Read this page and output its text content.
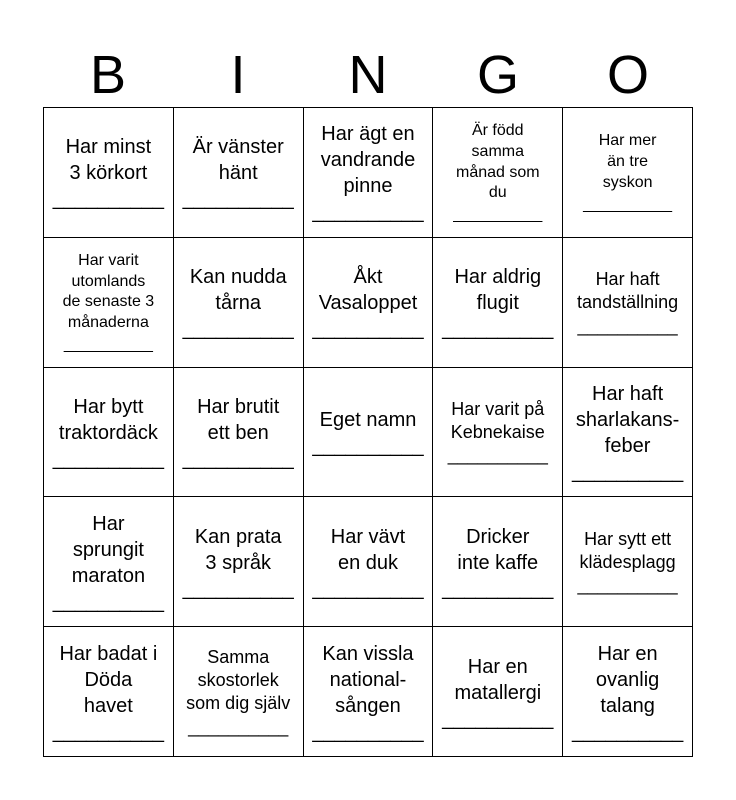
B	I	N	G	O
Har minst
3 körkort
__________
Är vänster
hänt
__________
Har ägt en
vandrande
pinne
__________
Är född
samma
månad som
du
__________
Har mer
än tre
syskon
__________
Har varit
utomlands
de senaste 3
månaderna
__________
Kan nudda
tårna
__________
Åkt
Vasaloppet
__________
Har aldrig
flugit
__________
Har haft
tandställning
__________
Har bytt
traktordäck
__________
Har brutit
ett ben
__________
Eget namn
__________
Har varit på
Kebnekaise
__________
Har haft
sharlakans-
feber
__________
Har
sprungit
maraton
__________
Kan prata
3 språk
__________
Har vävt
en duk
__________
Dricker
inte kaffe
__________
Har sytt ett
klädesplagg
__________
Har badat i
Döda
havet
__________
Samma
skostorlek
som dig själv
__________
Kan vissla
national-
sången
__________
Har en
matallergi
__________
Har en
ovanlig
talang
__________
